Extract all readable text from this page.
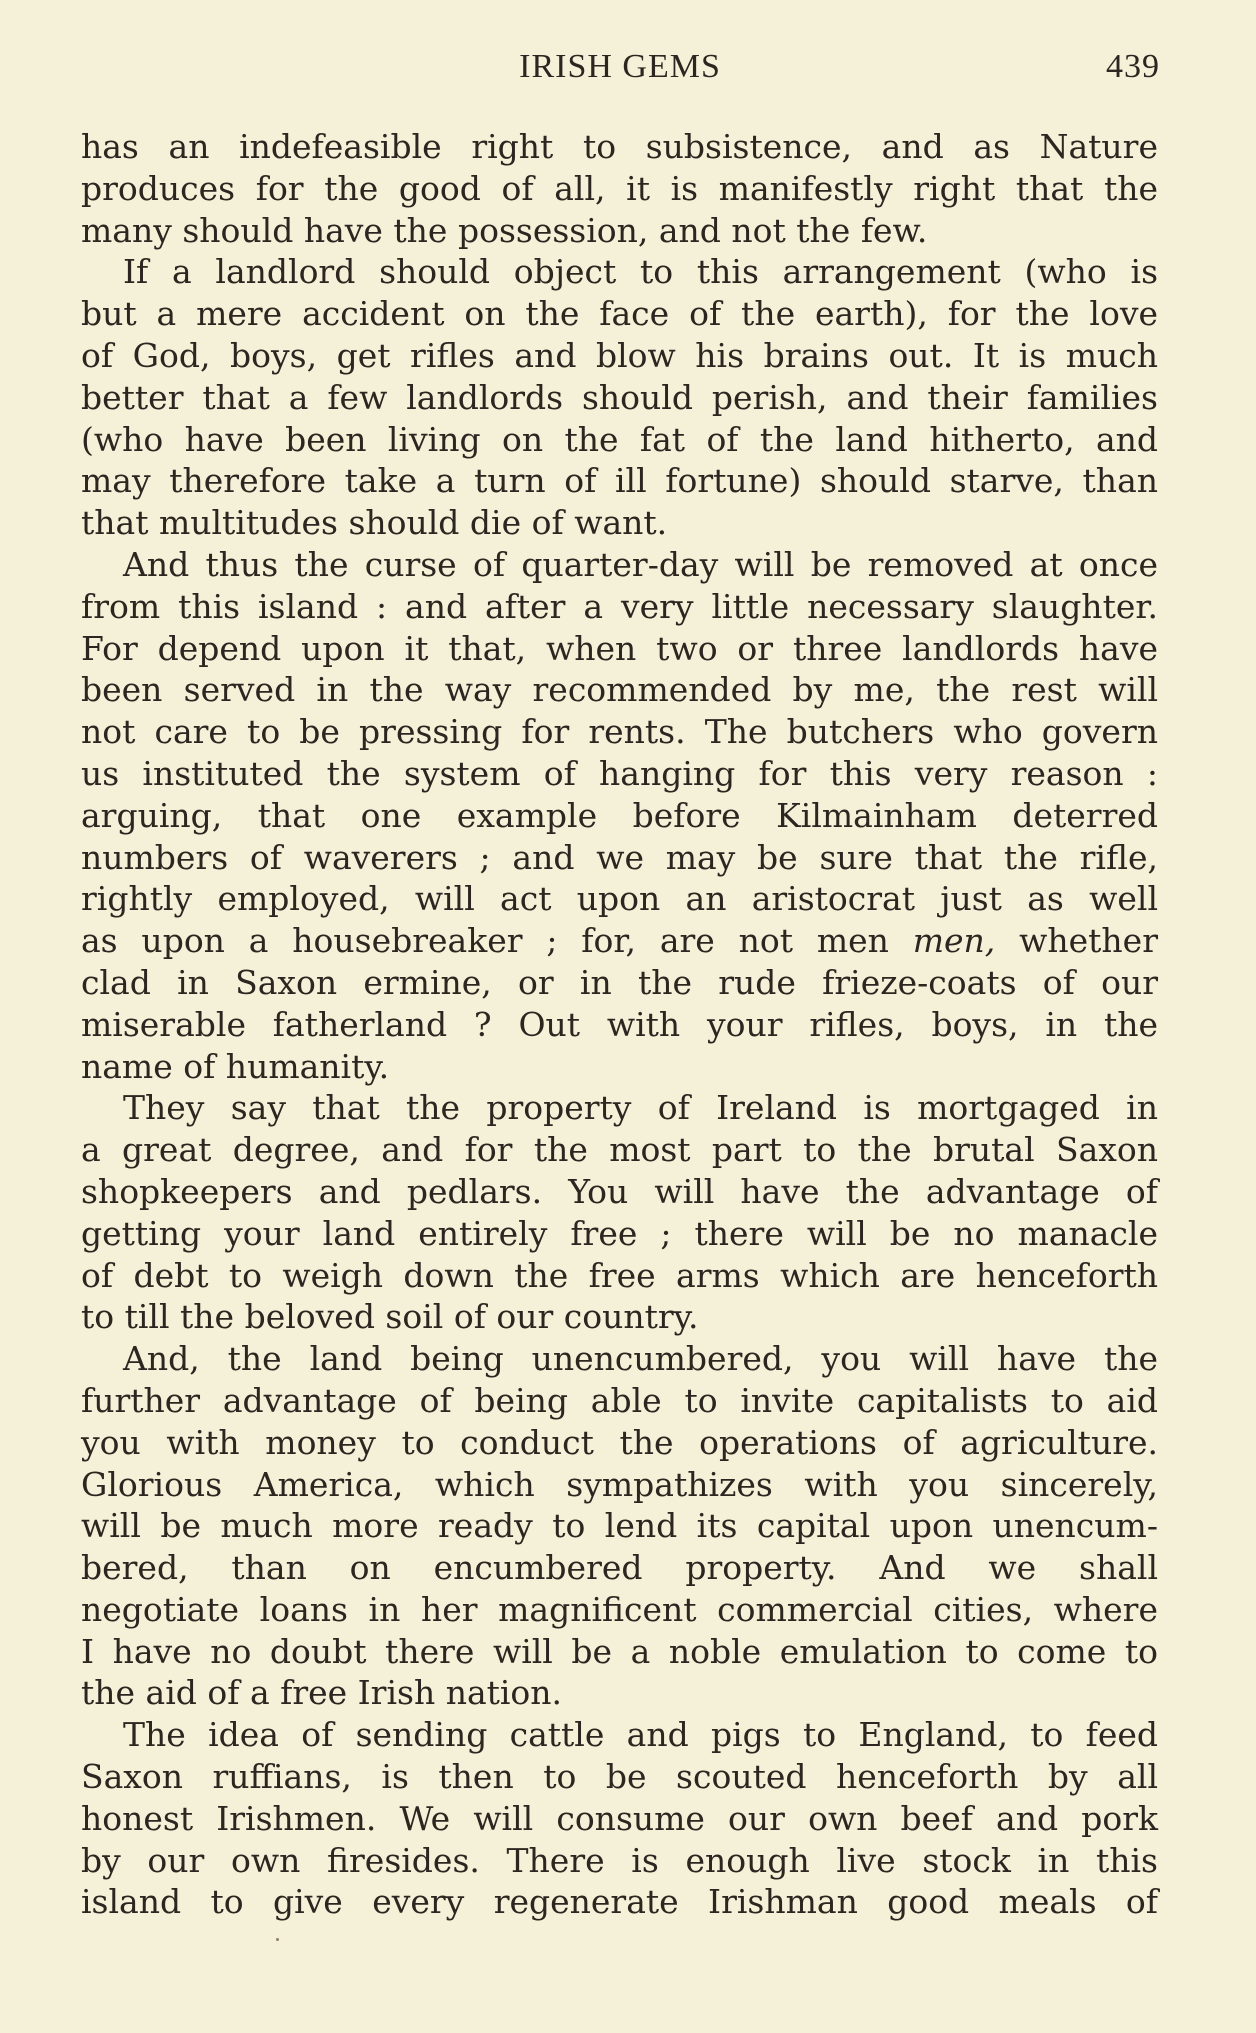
IRISH GEMS	439
has an indefeasible right to subsistence, and as Nature
produces for the good of all, it is manifestly right that the
many should have the possession, and not the few.
If a landlord should object to this arrangement (who is
but a mere accident on the face of the earth), for the love
of God, boys, get rifles and blow his brains out. It is much
better that a few landlords should perish, and their families
(who have been living on the fat of the land hitherto, and
may therefore take a turn of ill fortune) should starve, than
that multitudes should die of want.
And thus the curse of quarter-day will be removed at once
from this island : and after a very little necessary slaughter.
For depend upon it that, when two or three landlords have
been served in the way recommended by me, the rest will
not care to be pressing for rents. The butchers who govern
us instituted the system of hanging for this very reason :
arguing, that one example before Kilmainham deterred
numbers of waverers ; and we may be sure that the rifle,
rightly employed, will act upon an aristocrat just as well
as upon a housebreaker ; for, are not men men, whether
clad in Saxon ermine, or in the rude frieze-coats of our
miserable fatherland ? Out with your rifles, boys, in the
name of humanity.
They say that the property of Ireland is mortgaged in
a great degree, and for the most part to the brutal Saxon
shopkeepers and pedlars. You will have the advantage of
getting your land entirely free ; there will be no manacle
of debt to weigh down the free arms which are henceforth
to till the beloved soil of our country.
And, the land being unencumbered, you will have the
further advantage of being able to invite capitalists to aid
you with money to conduct the operations of agriculture.
Glorious America, which sympathizes with you sincerely,
will be much more ready to lend its capital upon unencum-
bered, than on encumbered property. And we shall
negotiate loans in her magnificent commercial cities, where
I have no doubt there will be a noble emulation to come to
the aid of a free Irish nation.
The idea of sending cattle and pigs to England, to feed
Saxon ruffians, is then to be scouted henceforth by all
honest Irishmen. We will consume our own beef and pork
by our own firesides. There is enough live stock in this
island to give every regenerate Irishman good meals of
